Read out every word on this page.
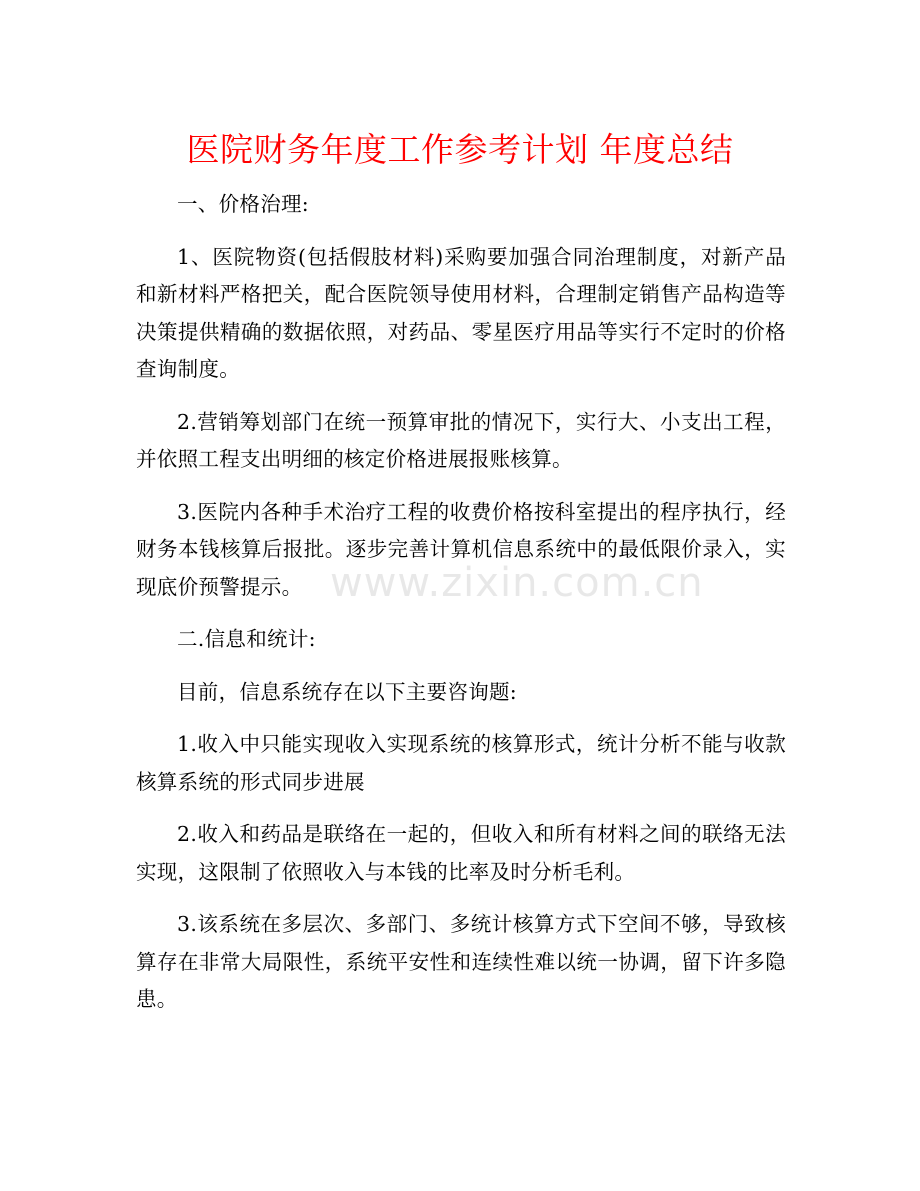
医院财务年度工作参考计划 年度总结
www.zixin.com.cn

一、价格治理:

1、医院物资(包括假肢材料)采购要加强合同治理制度，对新产品和新材料严格把关，配合医院领导使用材料，合理制定销售产品构造等决策提供精确的数据依照，对药品、零星医疗用品等实行不定时的价格查询制度。

2.营销筹划部门在统一预算审批的情况下，实行大、小支出工程，并依照工程支出明细的核定价格进展报账核算。

3.医院内各种手术治疗工程的收费价格按科室提出的程序执行，经财务本钱核算后报批。逐步完善计算机信息系统中的最低限价录入，实现底价预警提示。

二.信息和统计:

目前，信息系统存在以下主要咨询题:

1.收入中只能实现收入实现系统的核算形式，统计分析不能与收款核算系统的形式同步进展

2.收入和药品是联络在一起的，但收入和所有材料之间的联络无法实现，这限制了依照收入与本钱的比率及时分析毛利。

3.该系统在多层次、多部门、多统计核算方式下空间不够，导致核算存在非常大局限性，系统平安性和连续性难以统一协调，留下许多隐患。
